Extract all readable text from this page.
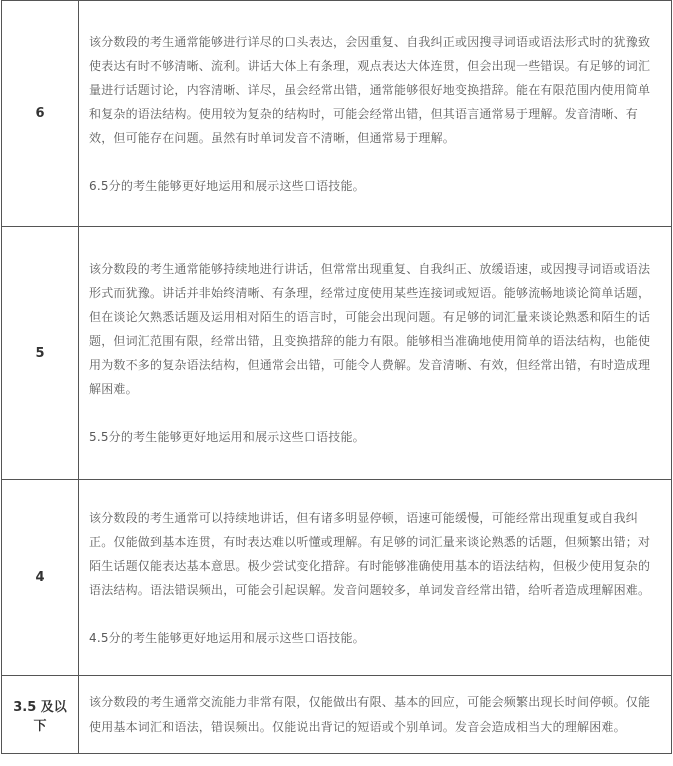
6	该分数段的考生通常能够进行详尽的口头表达，会因重复、自我纠正或因搜寻词语或语法形式时的犹豫致使表达有时不够清晰、流利。讲话大体上有条理，观点表达大体连贯，但会出现一些错误。有足够的词汇量进行话题讨论，内容清晰、详尽，虽会经常出错，通常能够很好地变换措辞。能在有限范围内使用简单和复杂的语法结构。使用较为复杂的结构时，可能会经常出错，但其语言通常易于理解。发音清晰、有效，但可能存在问题。虽然有时单词发音不清晰，但通常易于理解。

6.5分的考生能够更好地运用和展示这些口语技能。

5	该分数段的考生通常能够持续地进行讲话，但常常出现重复、自我纠正、放缓语速，或因搜寻词语或语法形式而犹豫。讲话并非始终清晰、有条理，经常过度使用某些连接词或短语。能够流畅地谈论简单话题，但在谈论欠熟悉话题及运用相对陌生的语言时，可能会出现问题。有足够的词汇量来谈论熟悉和陌生的话题，但词汇范围有限，经常出错，且变换措辞的能力有限。能够相当准确地使用简单的语法结构，也能使用为数不多的复杂语法结构，但通常会出错，可能令人费解。发音清晰、有效，但经常出错，有时造成理解困难。

5.5分的考生能够更好地运用和展示这些口语技能。

4	该分数段的考生通常可以持续地讲话，但有诸多明显停顿，语速可能缓慢，可能经常出现重复或自我纠正。仅能做到基本连贯，有时表达难以听懂或理解。有足够的词汇量来谈论熟悉的话题，但频繁出错；对陌生话题仅能表达基本意思。极少尝试变化措辞。有时能够准确使用基本的语法结构，但极少使用复杂的语法结构。语法错误频出，可能会引起误解。发音问题较多，单词发音经常出错，给听者造成理解困难。

4.5分的考生能够更好地运用和展示这些口语技能。

3.5 及以下	该分数段的考生通常交流能力非常有限，仅能做出有限、基本的回应，可能会频繁出现长时间停顿。仅能使用基本词汇和语法，错误频出。仅能说出背记的短语或个别单词。发音会造成相当大的理解困难。
